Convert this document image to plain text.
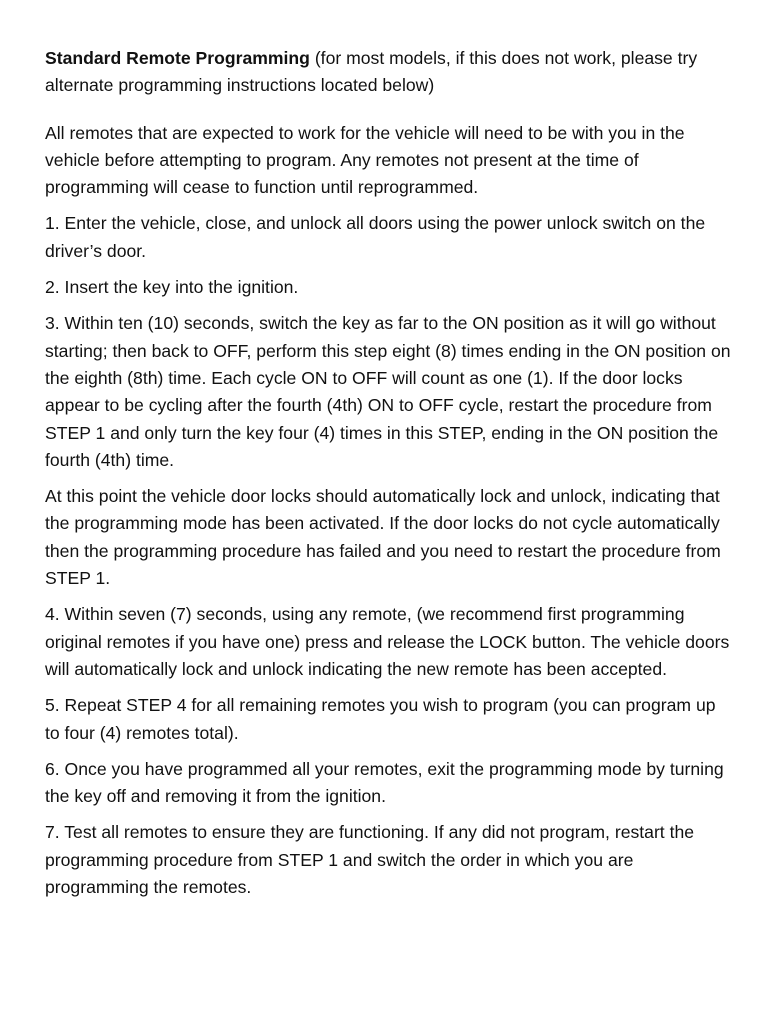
Standard Remote Programming (for most models, if this does not work, please try alternate programming instructions located below)

All remotes that are expected to work for the vehicle will need to be with you in the vehicle before attempting to program. Any remotes not present at the time of programming will cease to function until reprogrammed.

1. Enter the vehicle, close, and unlock all doors using the power unlock switch on the driver’s door.

2. Insert the key into the ignition.

3. Within ten (10) seconds, switch the key as far to the ON position as it will go without starting; then back to OFF, perform this step eight (8) times ending in the ON position on the eighth (8th) time. Each cycle ON to OFF will count as one (1). If the door locks appear to be cycling after the fourth (4th) ON to OFF cycle, restart the procedure from STEP 1 and only turn the key four (4) times in this STEP, ending in the ON position the fourth (4th) time.

At this point the vehicle door locks should automatically lock and unlock, indicating that the programming mode has been activated. If the door locks do not cycle automatically then the programming procedure has failed and you need to restart the procedure from STEP 1.

4. Within seven (7) seconds, using any remote, (we recommend first programming original remotes if you have one) press and release the LOCK button. The vehicle doors will automatically lock and unlock indicating the new remote has been accepted.

5. Repeat STEP 4 for all remaining remotes you wish to program (you can program up to four (4) remotes total).

6. Once you have programmed all your remotes, exit the programming mode by turning the key off and removing it from the ignition.

7. Test all remotes to ensure they are functioning. If any did not program, restart the programming procedure from STEP 1 and switch the order in which you are programming the remotes.
